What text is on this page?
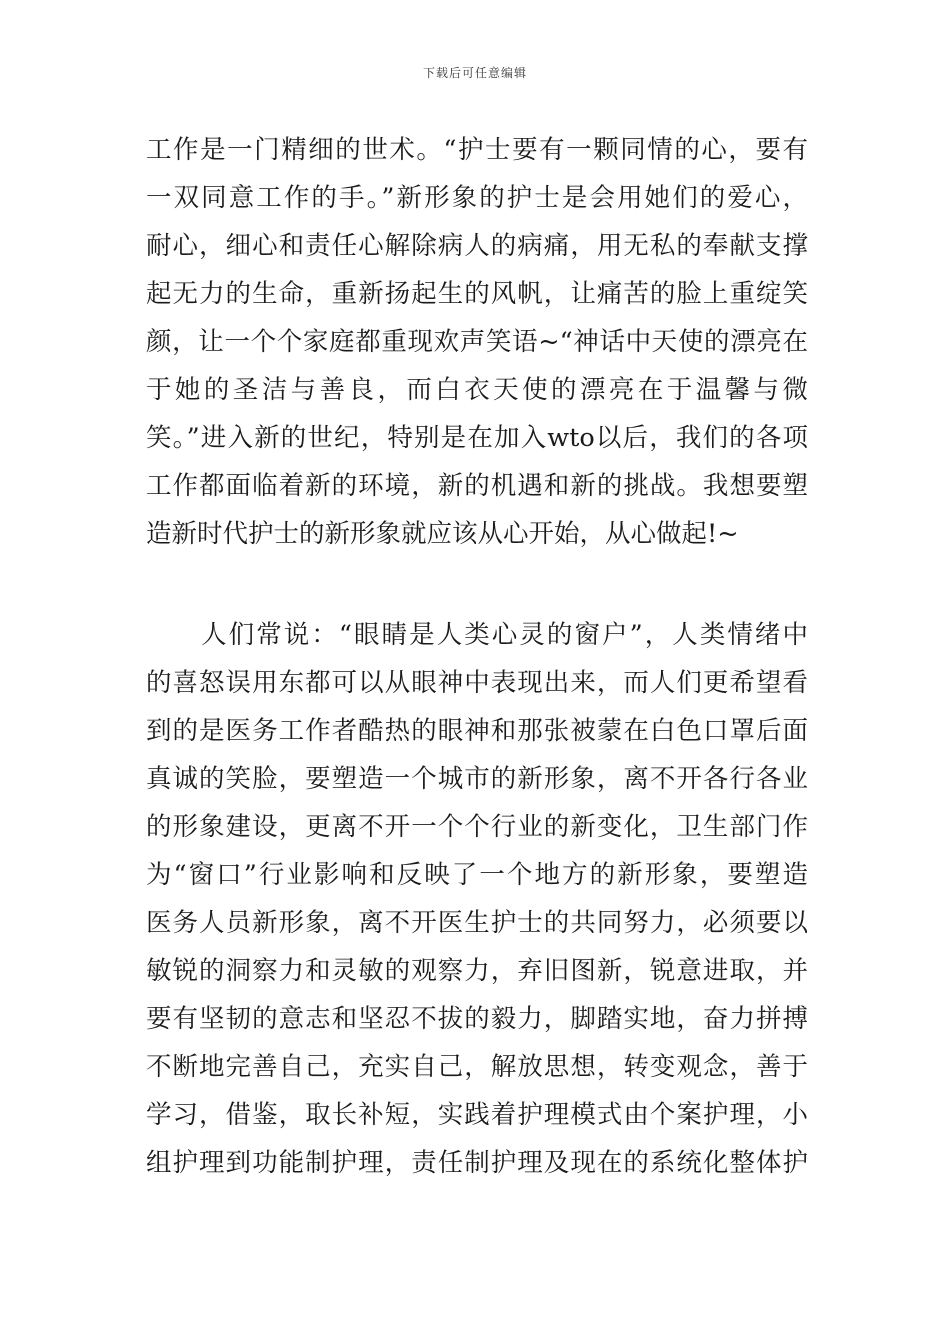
下载后可任意编辑

工作是一门精细的世术。“护士要有一颗同情的心，要有
一双同意工作的手。”新形象的护士是会用她们的爱心，
耐心，细心和责任心解除病人的病痛，用无私的奉献支撑
起无力的生命，重新扬起生的风帆，让痛苦的脸上重绽笑
颜，让一个个家庭都重现欢声笑语~“神话中天使的漂亮在
于她的圣洁与善良，而白衣天使的漂亮在于温馨与微
笑。”进入新的世纪，特别是在加入wto以后，我们的各项
工作都面临着新的环境，新的机遇和新的挑战。我想要塑
造新时代护士的新形象就应该从心开始，从心做起!~
　　人们常说：“眼睛是人类心灵的窗户”，人类情绪中
的喜怒误用东都可以从眼神中表现出来，而人们更希望看
到的是医务工作者酷热的眼神和那张被蒙在白色口罩后面
真诚的笑脸，要塑造一个城市的新形象，离不开各行各业
的形象建设，更离不开一个个行业的新变化，卫生部门作
为“窗口”行业影响和反映了一个地方的新形象，要塑造
医务人员新形象，离不开医生护士的共同努力，必须要以
敏锐的洞察力和灵敏的观察力，弃旧图新，锐意进取，并
要有坚韧的意志和坚忍不拔的毅力，脚踏实地，奋力拼搏
不断地完善自己，充实自己，解放思想，转变观念，善于
学习，借鉴，取长补短，实践着护理模式由个案护理，小
组护理到功能制护理，责任制护理及现在的系统化整体护
